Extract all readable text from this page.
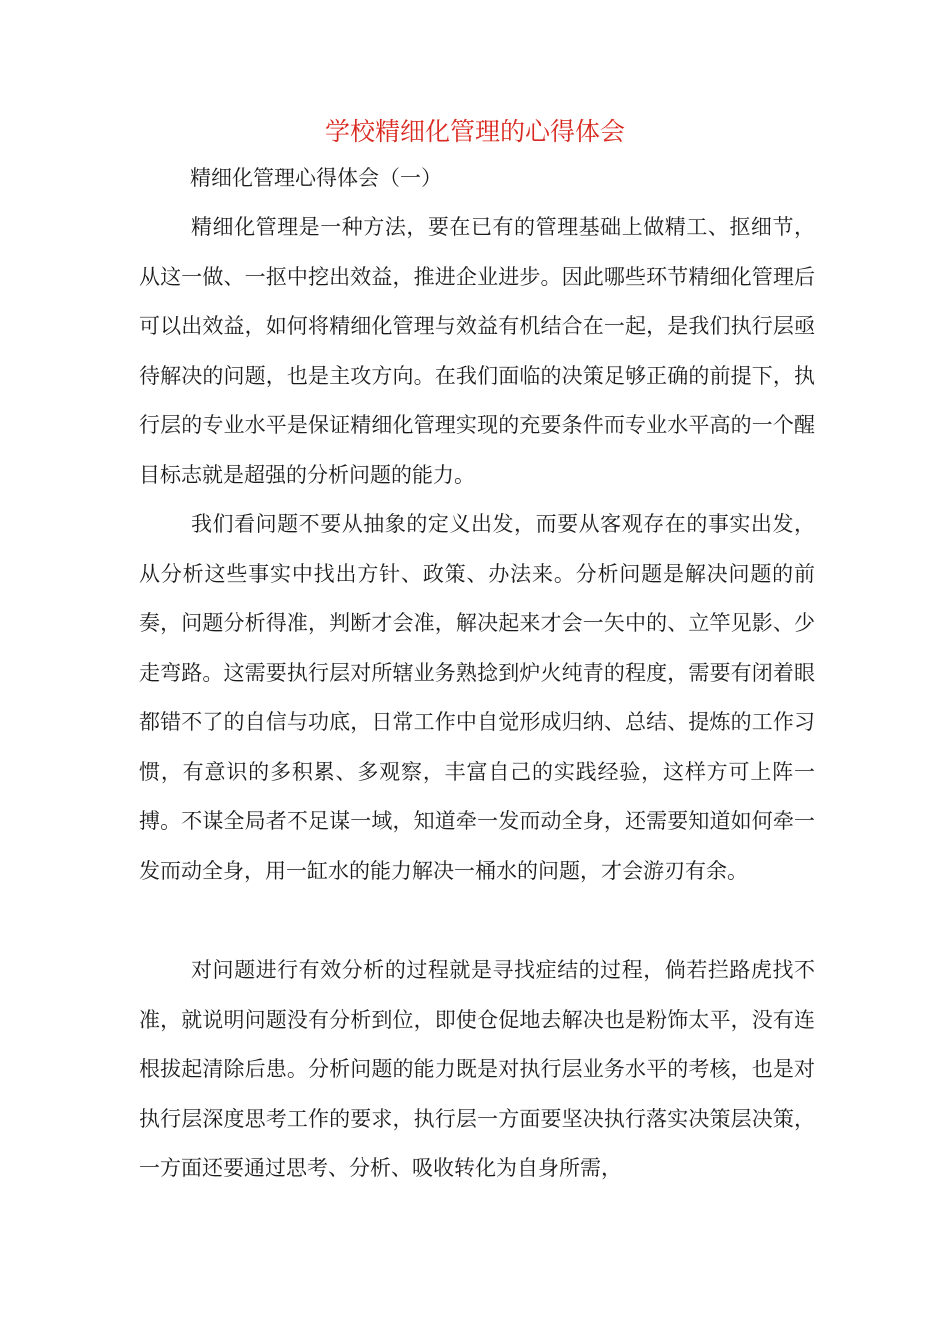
学校精细化管理的心得体会

精细化管理心得体会（一）

精细化管理是一种方法，要在已有的管理基础上做精工、抠细节，从这一做、一抠中挖出效益，推进企业进步。因此哪些环节精细化管理后可以出效益，如何将精细化管理与效益有机结合在一起，是我们执行层亟待解决的问题，也是主攻方向。在我们面临的决策足够正确的前提下，执行层的专业水平是保证精细化管理实现的充要条件而专业水平高的一个醒目标志就是超强的分析问题的能力。

我们看问题不要从抽象的定义出发，而要从客观存在的事实出发，从分析这些事实中找出方针、政策、办法来。分析问题是解决问题的前奏，问题分析得准，判断才会准，解决起来才会一矢中的、立竿见影、少走弯路。这需要执行层对所辖业务熟捻到炉火纯青的程度，需要有闭着眼都错不了的自信与功底，日常工作中自觉形成归纳、总结、提炼的工作习惯，有意识的多积累、多观察，丰富自己的实践经验，这样方可上阵一搏。不谋全局者不足谋一域，知道牵一发而动全身，还需要知道如何牵一发而动全身，用一缸水的能力解决一桶水的问题，才会游刃有余。

对问题进行有效分析的过程就是寻找症结的过程，倘若拦路虎找不准，就说明问题没有分析到位，即使仓促地去解决也是粉饰太平，没有连根拔起清除后患。分析问题的能力既是对执行层业务水平的考核，也是对执行层深度思考工作的要求，执行层一方面要坚决执行落实决策层决策，一方面还要通过思考、分析、吸收转化为自身所需，
